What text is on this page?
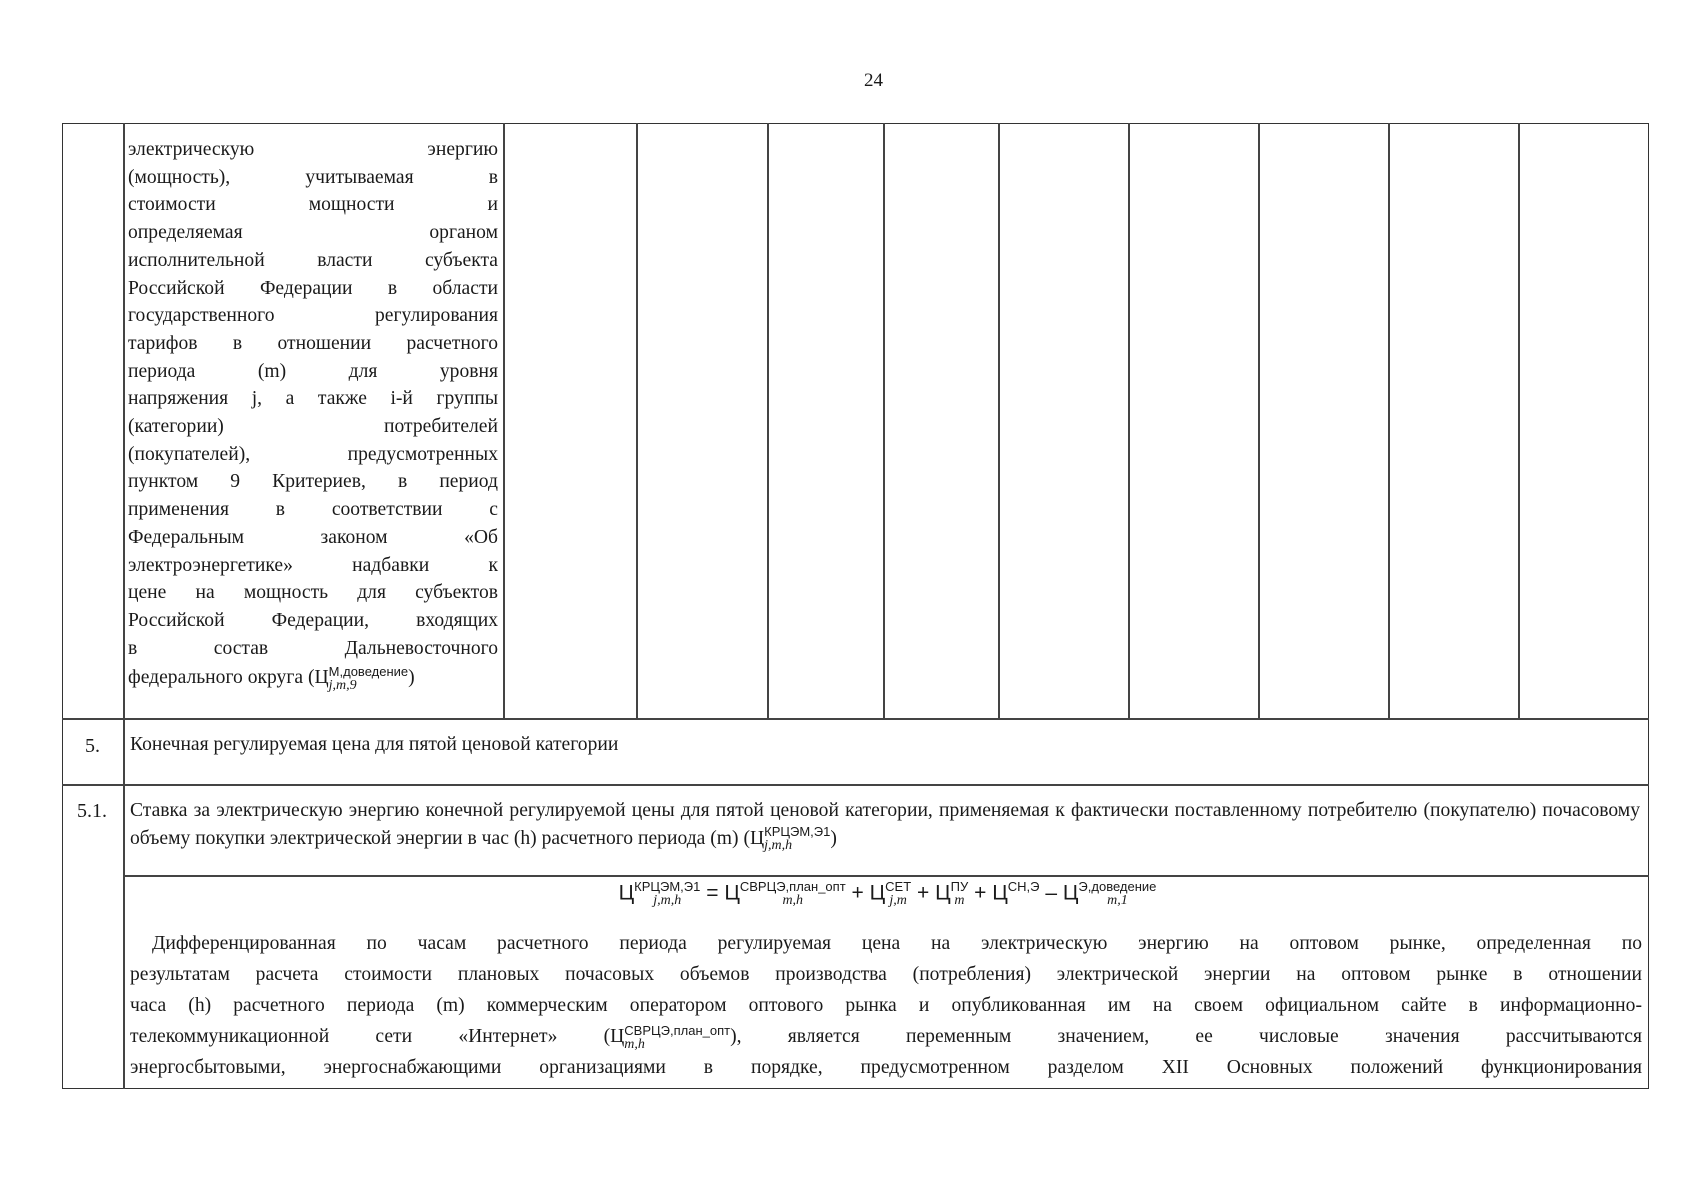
24
электрическую энергию
(мощность), учитываемая в
стоимости мощности и
определяемая органом
исполнительной власти субъекта
Российской Федерации в области
государственного регулирования
тарифов в отношении расчетного
периода (m) для уровня
напряжения j, а также i-й группы
(категории) потребителей
(покупателей), предусмотренных
пунктом 9 Критериев, в период
применения в соответствии с
Федеральным законом «Об
электроэнергетике» надбавки к
цене на мощность для субъектов
Российской Федерации, входящих
в состав Дальневосточного
федерального округа (Ц М,доведение
j,m,9	)
5. Конечная регулируемая цена для пятой ценовой категории
5.1. Ставка за электрическую энергию конечной регулируемой цены для пятой ценовой категории, применяемая к фактически поставленному потребителю (покупателю) почасовому объему покупки электрической энергии в час (h) расчетного периода (m) (Ц КРЦЭМ,Э1
j,m,h	)
Ц КРЦЭМ,Э1
j,m,h	= Ц СВРЦЭ,план_опт
m,h	+ Ц СЕТ
j,m + Ц ПУ
m + Ц СН,Э
– Ц Э,доведение
m,1
Дифференцированная по часам расчетного периода регулируемая цена на электрическую энергию на оптовом рынке, определенная по
результатам расчета стоимости плановых почасовых объемов производства (потребления) электрической энергии на оптовом рынке в отношении
часа (h) расчетного периода (m) коммерческим оператором оптового рынка и опубликованная им на своем официальном сайте в информационно-
телекоммуникационной сети «Интернет» (Ц СВРЦЭ,план_опт
m,h	), является переменным значением, ее числовые значения рассчитываются
энергосбытовыми, энергоснабжающими организациями в порядке, предусмотренном разделом XII Основных положений функционирования
